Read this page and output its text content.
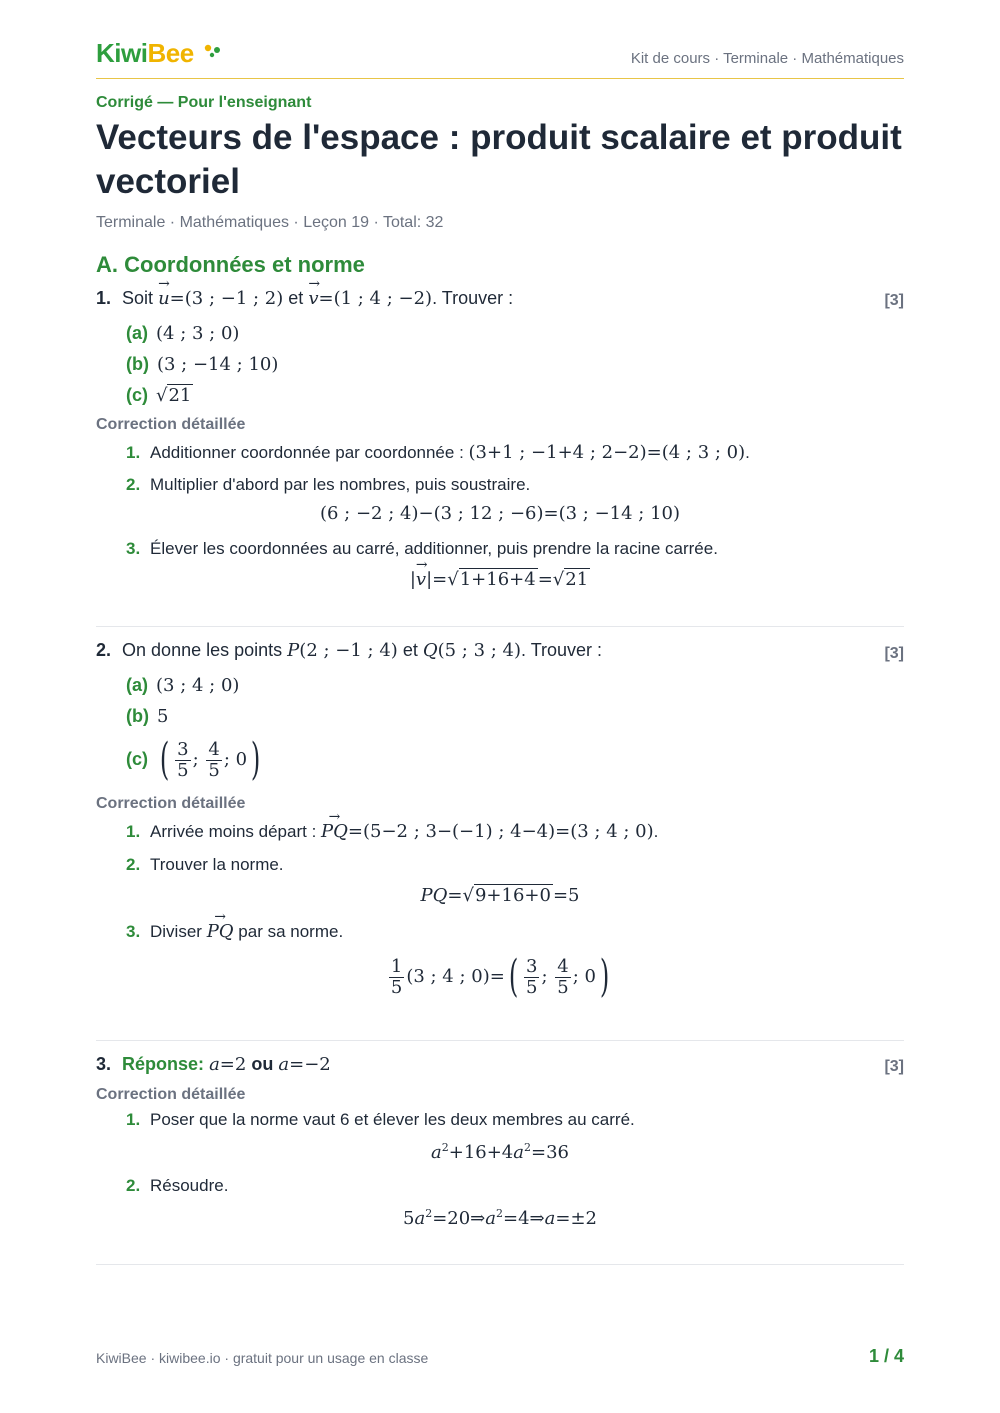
KiwiBee	Kit de cours · Terminale · Mathématiques
Corrigé — Pour l'enseignant
Vecteurs de l'espace : produit scalaire et produit vectoriel
Terminale · Mathématiques · Leçon 19 · Total: 32
A. Coordonnées et norme
1. Soit → u=(3 ; −1 ; 2) et → v=(1 ; 4 ; −2). Trouver :	[3]
(a) (4 ; 3 ; 0)
(b) (3 ; −14 ; 10)
(c) √21
Correction détaillée
1. Additionner coordonnée par coordonnée : (3+1 ; −1+4 ; 2−2)=(4 ; 3 ; 0).
2. Multiplier d'abord par les nombres, puis soustraire.
(6 ; −2 ; 4)−(3 ; 12 ; −6)=(3 ; −14 ; 10)
3. Élever les coordonnées au carré, additionner, puis prendre la racine carrée.
|→ v|=√1+16+4 =√21
2. On donne les points P(2 ; −1 ; 4) et Q(5 ; 3 ; 4). Trouver :	[3]
(a) (3 ; 4 ; 0)
(b) 5
(c) ( $\frac{3}{5}$ ; $\frac{4}{5}$ ; 0)
Correction détaillée
1. Arrivée moins départ : → PQ=(5−2 ; 3−(−1) ; 4−4)=(3 ; 4 ; 0).
2. Trouver la norme.
PQ=√9+16+0 =5
3. Diviser → PQ par sa norme.
$\frac{1}{5} (3$ ; 4 ; $0)=( \frac{3}{5}$ ; $\frac{4}{5}$ ; 0)
3. Réponse: a=2 ou a=−2	[3]
Correction détaillée
1. Poser que la norme vaut 6 et élever les deux membres au carré.
$a^2+16+4a^2=36$
2. Résoudre.
$5a^2=20\Rightarrow a^2=4\Rightarrow a=\pm 2$
KiwiBee · kiwibee.io · gratuit pour un usage en classe	1 / 4
